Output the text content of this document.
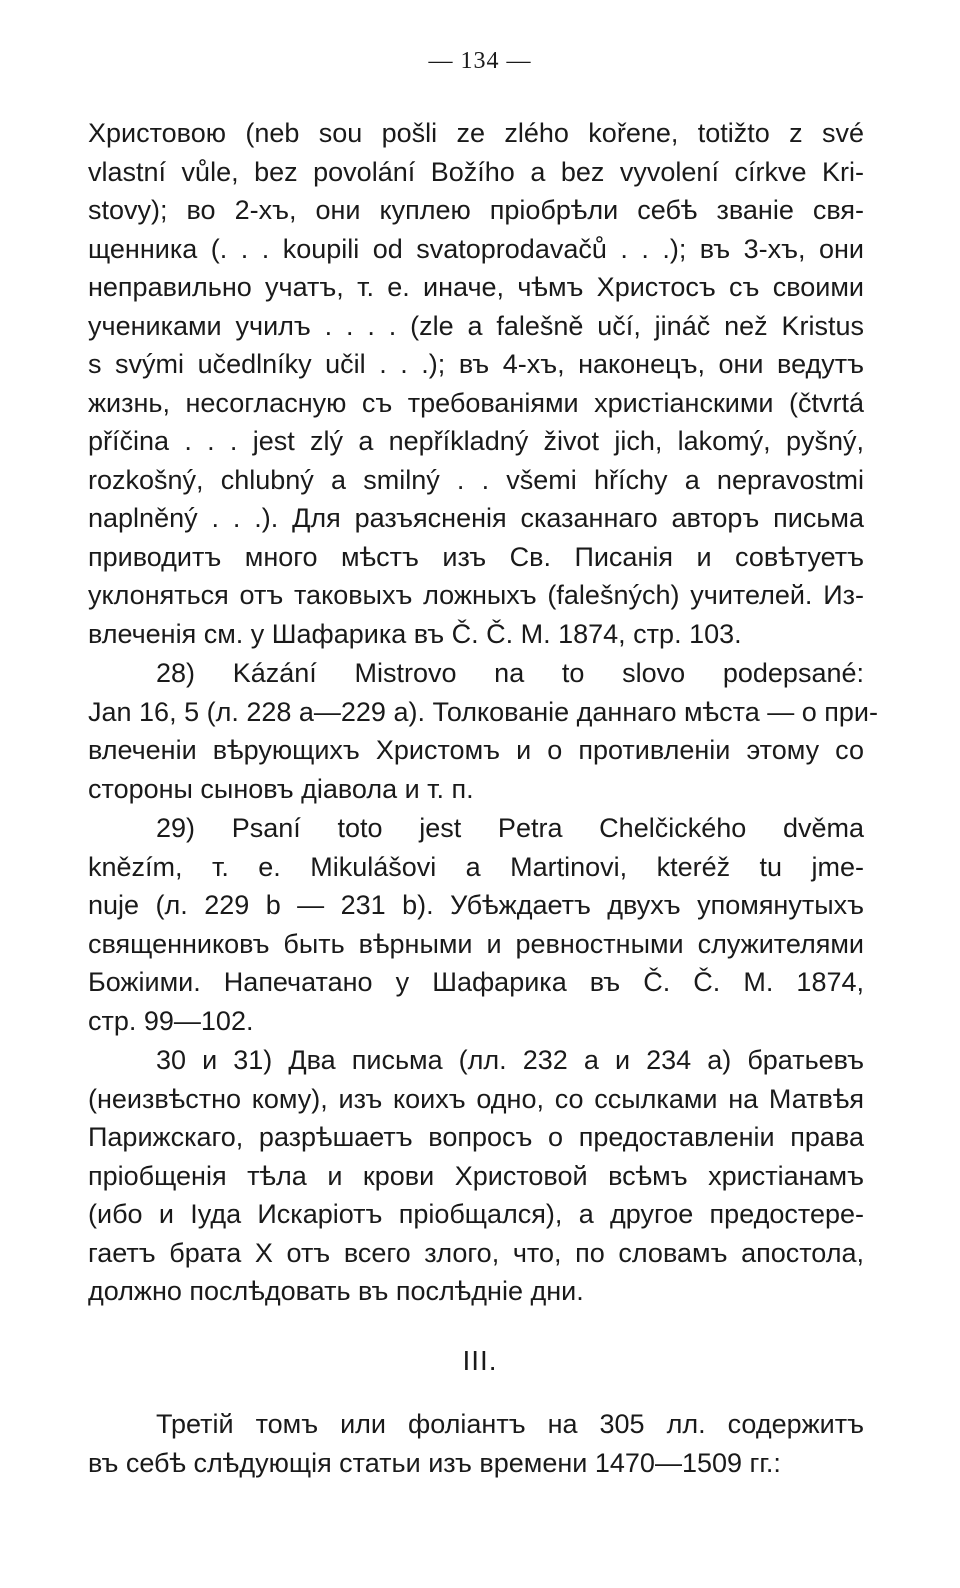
— 134 —
Христовою (neb sou pošli ze zlého kořene, totižto z své
vlastní vůle, bez povolání Božího a bez vyvolení církve Kri-
stovy); во 2-хъ, они куплею пріобрѣли себѣ званіе свя-
щенника (. . . koupili od svatoprodavačů . . .); въ 3-хъ, они
неправильно учатъ, т. е. иначе, чѣмъ Христосъ съ своими
учениками училъ . . . . (zle a falešně učí, jináč než Kristus
s svými učedlníky učil . . .); въ 4-хъ, наконецъ, они ведутъ
жизнь, несогласную съ требованіями христіанскими (čtvrtá
příčina . . . jest zlý a nepříkladný život jich, lakomý, pyšný,
rozkošný, chlubný a smilný . . všemi hříchy a nepravostmi
naplněný . . .). Для разъясненія сказаннаго авторъ письма
приводитъ много мѣстъ изъ Св. Писанія и совѣтуетъ
уклоняться отъ таковыхъ ложныхъ (falešných) учителей. Из-
влеченія см. у Шафарика въ Č. Č. M. 1874, стр. 103.
28) Kázání Mistrovo na to slovo podepsané:
Jan 16, 5 (л. 228 а—229 а). Толкованіе даннаго мѣста — о при-
влеченіи вѣрующихъ Христомъ и о противленіи этому со
стороны сыновъ діавола и т. п.
29) Psaní toto jest Petra Chelčického dvěma
knězím, т. е. Mikulášovi a Martinovi, kteréž tu jme-
nuje (л. 229 b — 231 b). Убѣждаетъ двухъ упомянутыхъ
священниковъ быть вѣрными и ревностными служителями
Божіими. Напечатано у Шафарика въ Č. Č. M. 1874,
стр. 99—102.
30 и 31) Два письма (лл. 232 а и 234 а) братьевъ
(неизвѣстно кому), изъ коихъ одно, со ссылками на Матвѣя
Парижскаго, разрѣшаетъ вопросъ о предоставленіи права
пріобщенія тѣла и крови Христовой всѣмъ христіанамъ
(ибо и Іуда Искаріотъ пріобщался), а другое предостере-
гаетъ брата Х отъ всего злого, что, по словамъ апостола,
должно послѣдовать въ послѣдніе дни.
III.
Третій томъ или фоліантъ на 305 лл. содержитъ
въ себѣ слѣдующія статьи изъ времени 1470—1509 гг.:
